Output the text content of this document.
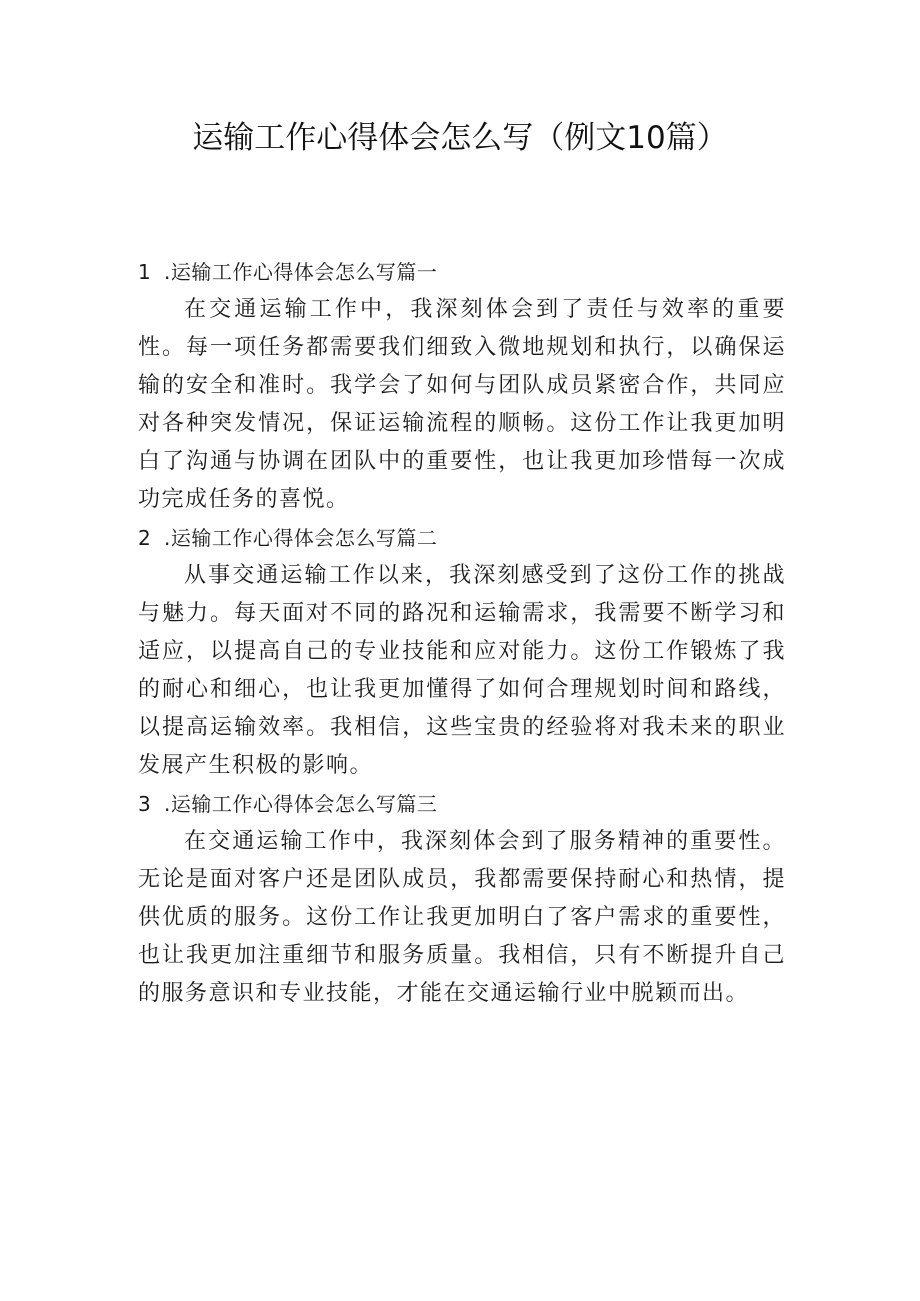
运输工作心得体会怎么写（例文10篇）

1 .运输工作心得体会怎么写篇一

在交通运输工作中，我深刻体会到了责任与效率的重要性。每一项任务都需要我们细致入微地规划和执行，以确保运输的安全和准时。我学会了如何与团队成员紧密合作，共同应对各种突发情况，保证运输流程的顺畅。这份工作让我更加明白了沟通与协调在团队中的重要性，也让我更加珍惜每一次成功完成任务的喜悦。

2 .运输工作心得体会怎么写篇二

从事交通运输工作以来，我深刻感受到了这份工作的挑战与魅力。每天面对不同的路况和运输需求，我需要不断学习和适应，以提高自己的专业技能和应对能力。这份工作锻炼了我的耐心和细心，也让我更加懂得了如何合理规划时间和路线，以提高运输效率。我相信，这些宝贵的经验将对我未来的职业发展产生积极的影响。

3 .运输工作心得体会怎么写篇三

在交通运输工作中，我深刻体会到了服务精神的重要性。无论是面对客户还是团队成员，我都需要保持耐心和热情，提供优质的服务。这份工作让我更加明白了客户需求的重要性，也让我更加注重细节和服务质量。我相信，只有不断提升自己的服务意识和专业技能，才能在交通运输行业中脱颖而出。
